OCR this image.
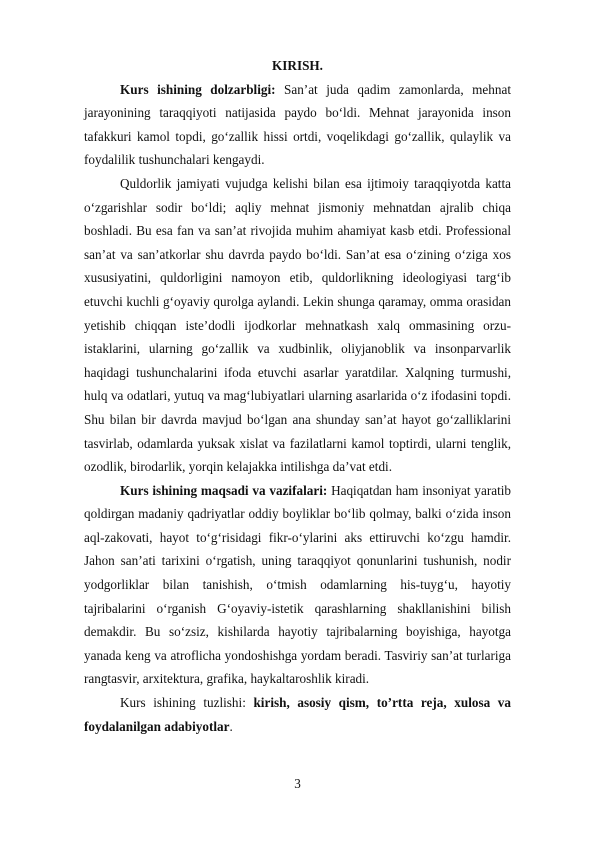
KIRISH.

Kurs ishining dolzarbligi: San’at juda qadim zamonlarda, mehnat jarayonining taraqqiyoti natijasida paydo bo‘ldi. Mehnat jarayonida inson tafakkuri kamol topdi, go‘zallik hissi ortdi, voqelikdagi go‘zallik, qulaylik va foydalilik tushunchalari kengaydi.

Quldorlik jamiyati vujudga kelishi bilan esa ijtimoiy taraqqiyotda katta o‘zgarishlar sodir bo‘ldi; aqliy mehnat jismoniy mehnatdan ajralib chiqa boshladi. Bu esa fan va san’at rivojida muhim ahamiyat kasb etdi. Professional san’at va san’atkorlar shu davrda paydo bo‘ldi. San’at esa o‘zining o‘ziga xos xususiyatini, quldorligini namoyon etib, quldorlikning ideologiyasi targ‘ib etuvchi kuchli g‘oyaviy qurolga aylandi. Lekin shunga qaramay, omma orasidan yetishib chiqqan iste’dodli ijodkorlar mehnatkash xalq ommasining orzu-istaklarini, ularning go‘zallik va xudbinlik, oliyjanoblik va insonparvarlik haqidagi tushunchalarini ifoda etuvchi asarlar yaratdilar. Xalqning turmushi, hulq va odatlari, yutuq va mag‘lubiyatlari ularning asarlarida o‘z ifodasini topdi. Shu bilan bir davrda mavjud bo‘lgan ana shunday san’at hayot go‘zalliklarini tasvirlab, odamlarda yuksak xislat va fazilatlarni kamol toptirdi, ularni tenglik, ozodlik, birodarlik, yorqin kelajakka intilishga da’vat etdi.

Kurs ishining maqsadi va vazifalari: Haqiqatdan ham insoniyat yaratib qoldirgan madaniy qadriyatlar oddiy boyliklar bo‘lib qolmay, balki o‘zida inson aql-zakovati, hayot to‘g‘risidagi fikr-o‘ylarini aks ettiruvchi ko‘zgu hamdir. Jahon san’ati tarixini o‘rgatish, uning taraqqiyot qonunlarini tushunish, nodir yodgorliklar bilan tanishish, o‘tmish odamlarning his-tuyg‘u, hayotiy tajribalarini o‘rganish G‘oyaviy-istetik qarashlarning shakllanishini bilish demakdir. Bu so‘zsiz, kishilarda hayotiy tajribalarning boyishiga, hayotga yanada keng va atroflicha yondoshishga yordam beradi. Tasviriy san’at turlariga rangtasvir, arxitektura, grafika, haykaltaroshlik kiradi.

Kurs ishining tuzlishi: kirish, asosiy qism, to’rtta reja, xulosa va foydalanilgan adabiyotlar.

3
